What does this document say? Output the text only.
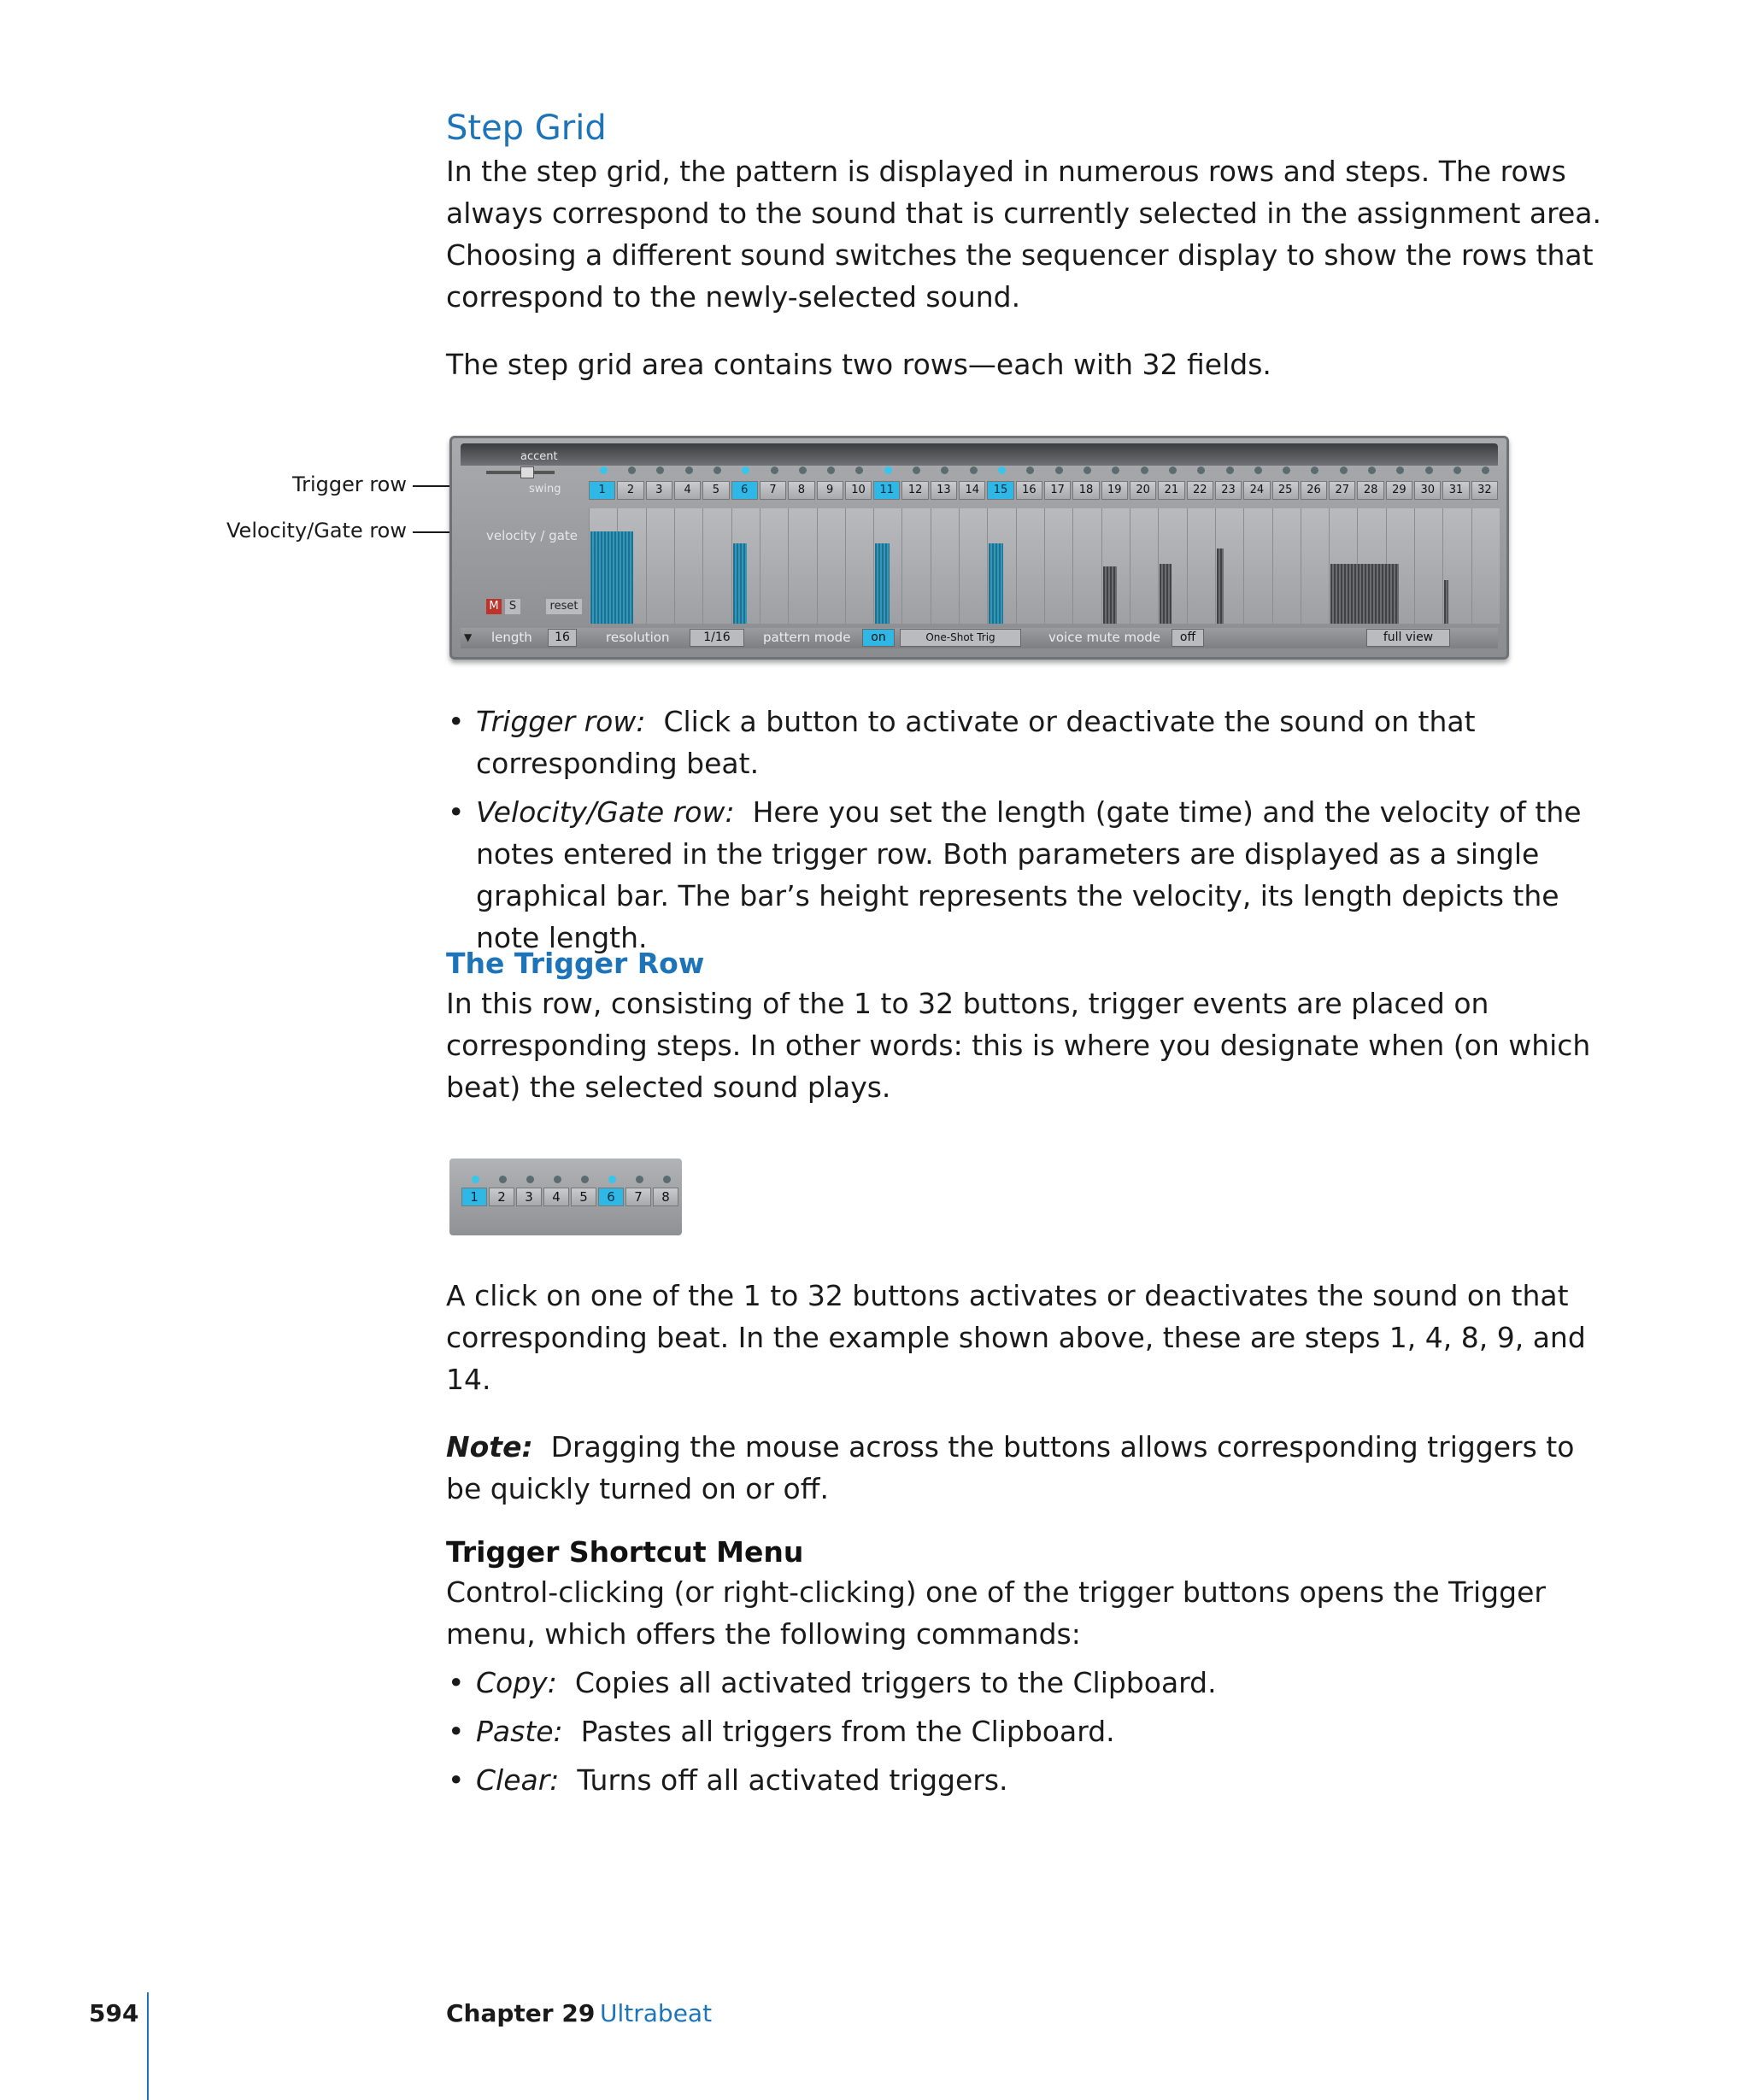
Step Grid

In the step grid, the pattern is displayed in numerous rows and steps. The rows always correspond to the sound that is currently selected in the assignment area. Choosing a different sound switches the sequencer display to show the rows that correspond to the newly-selected sound.

The step grid area contains two rows—each with 32 fields.

Trigger row
Velocity/Gate row
accent
swing	1	2	3	4	5	6	7	8	9	10	11	12	13	14	15	16	17	18	19	20	21	22	23	24	25	26	27	28	29	30	31	32
velocity / gate
M S	reset
▼ length	16	resolution	1/16	pattern mode	on	One-Shot Trig	voice mute mode	off	full view
• Trigger row: Click a button to activate or deactivate the sound on that corresponding beat.
• Velocity/Gate row: Here you set the length (gate time) and the velocity of the notes entered in the trigger row. Both parameters are displayed as a single graphical bar. The bar’s height represents the velocity, its length depicts the note length.
The Trigger Row

In this row, consisting of the 1 to 32 buttons, trigger events are placed on corresponding steps. In other words: this is where you designate when (on which beat) the selected sound plays.

1	2	3	4	5	6	7	8

A click on one of the 1 to 32 buttons activates or deactivates the sound on that corresponding beat. In the example shown above, these are steps 1, 4, 8, 9, and 14.

Note: Dragging the mouse across the buttons allows corresponding triggers to be quickly turned on or off.

Trigger Shortcut Menu

Control-clicking (or right-clicking) one of the trigger buttons opens the Trigger menu, which offers the following commands:

• Copy: Copies all activated triggers to the Clipboard.
• Paste: Pastes all triggers from the Clipboard.
• Clear: Turns off all activated triggers.
594	Chapter 29 Ultrabeat
